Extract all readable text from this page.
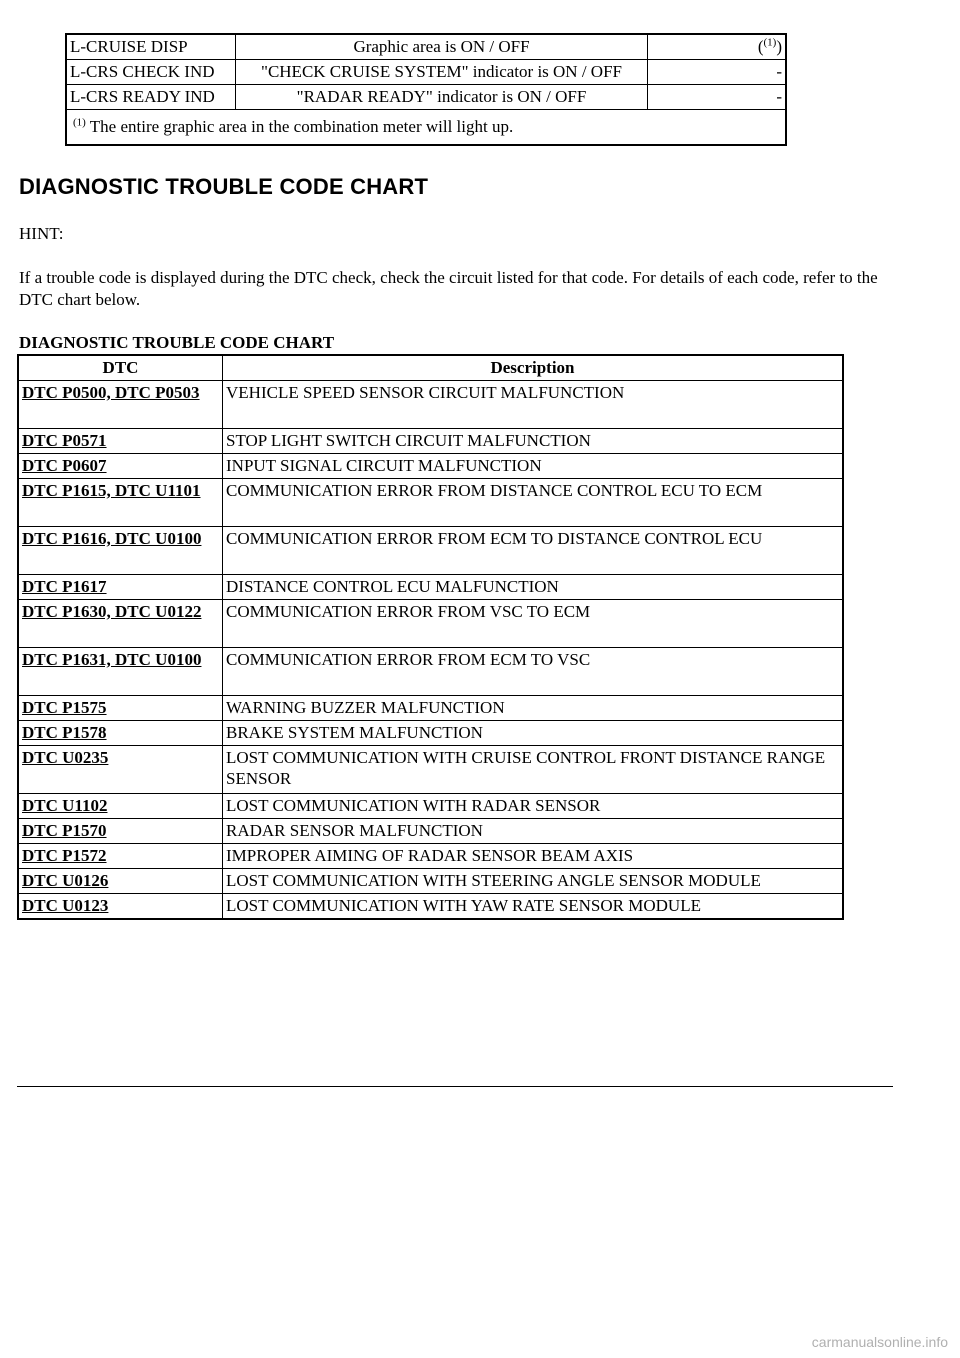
L-CRUISE DISP	Graphic area is ON / OFF	($^{(1)}$)
L-CRS CHECK IND	"CHECK CRUISE SYSTEM" indicator is ON / OFF	-
L-CRS READY IND	"RADAR READY" indicator is ON / OFF	-
$^{(1)}$ The entire graphic area in the combination meter will light up.		
DIAGNOSTIC TROUBLE CODE CHART

HINT:

If a trouble code is displayed during the DTC check, check the circuit listed for that code. For details of each code, refer to the DTC chart below.

DIAGNOSTIC TROUBLE CODE CHART

DTC	Description
DTC P0500, DTC P0503	VEHICLE SPEED SENSOR CIRCUIT MALFUNCTION
DTC P0571	STOP LIGHT SWITCH CIRCUIT MALFUNCTION
DTC P0607	INPUT SIGNAL CIRCUIT MALFUNCTION
DTC P1615, DTC U1101	COMMUNICATION ERROR FROM DISTANCE CONTROL ECU TO ECM
DTC P1616, DTC U0100	COMMUNICATION ERROR FROM ECM TO DISTANCE CONTROL ECU
DTC P1617	DISTANCE CONTROL ECU MALFUNCTION
DTC P1630, DTC U0122	COMMUNICATION ERROR FROM VSC TO ECM
DTC P1631, DTC U0100	COMMUNICATION ERROR FROM ECM TO VSC
DTC P1575	WARNING BUZZER MALFUNCTION
DTC P1578	BRAKE SYSTEM MALFUNCTION
DTC U0235	LOST COMMUNICATION WITH CRUISE CONTROL FRONT DISTANCE RANGE SENSOR
DTC U1102	LOST COMMUNICATION WITH RADAR SENSOR
DTC P1570	RADAR SENSOR MALFUNCTION
DTC P1572	IMPROPER AIMING OF RADAR SENSOR BEAM AXIS
DTC U0126	LOST COMMUNICATION WITH STEERING ANGLE SENSOR MODULE
DTC U0123	LOST COMMUNICATION WITH YAW RATE SENSOR MODULE
carmanualsonline.info
